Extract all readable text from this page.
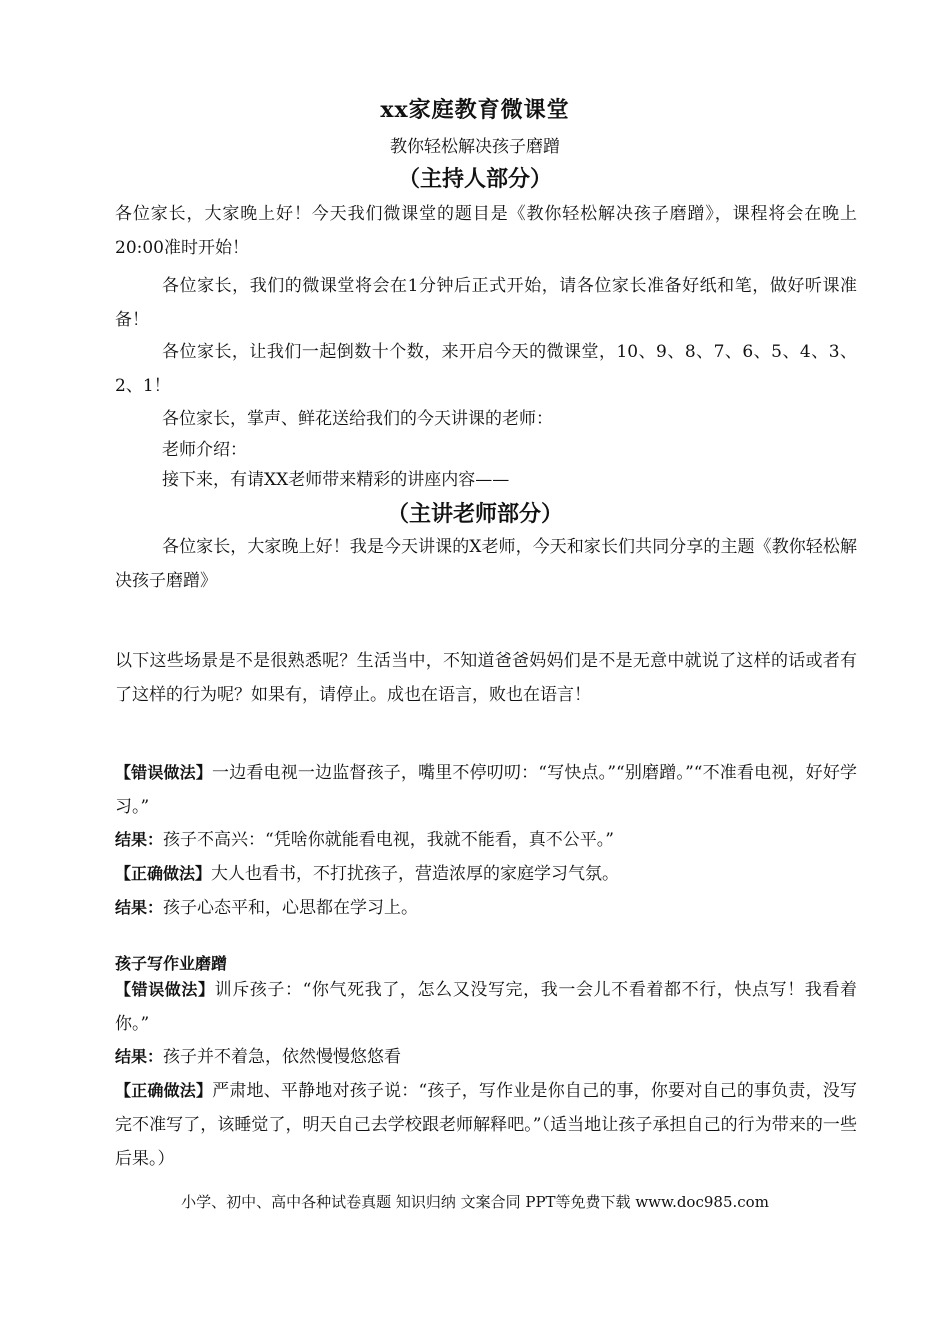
xx家庭教育微课堂
教你轻松解决孩子磨蹭
（主持人部分）
各位家长，大家晚上好！今天我们微课堂的题目是《教你轻松解决孩子磨蹭》，课程将会在晚上20:00准时开始！
各位家长，我们的微课堂将会在1分钟后正式开始，请各位家长准备好纸和笔，做好听课准备！
各位家长，让我们一起倒数十个数，来开启今天的微课堂，10、9、8、7、6、5、4、3、2、1！
各位家长，掌声、鲜花送给我们的今天讲课的老师：
老师介绍：
接下来，有请XX老师带来精彩的讲座内容——
（主讲老师部分）
各位家长，大家晚上好！我是今天讲课的X老师，今天和家长们共同分享的主题《教你轻松解决孩子磨蹭》
以下这些场景是不是很熟悉呢？生活当中，不知道爸爸妈妈们是不是无意中就说了这样的话或者有了这样的行为呢？如果有，请停止。成也在语言，败也在语言！
【错误做法】一边看电视一边监督孩子，嘴里不停叨叨：“写快点。”“别磨蹭。”“不准看电视，好好学习。”
结果：孩子不高兴：“凭啥你就能看电视，我就不能看，真不公平。”
【正确做法】大人也看书，不打扰孩子，营造浓厚的家庭学习气氛。
结果：孩子心态平和，心思都在学习上。
孩子写作业磨蹭
【错误做法】训斥孩子：“你气死我了，怎么又没写完，我一会儿不看着都不行，快点写！我看着你。”
结果：孩子并不着急，依然慢慢悠悠看
【正确做法】严肃地、平静地对孩子说：“孩子，写作业是你自己的事，你要对自己的事负责，没写完不准写了，该睡觉了，明天自己去学校跟老师解释吧。”（适当地让孩子承担自己的行为带来的一些后果。）
小学、初中、高中各种试卷真题 知识归纳 文案合同 PPT等免费下载 www.doc985.com
